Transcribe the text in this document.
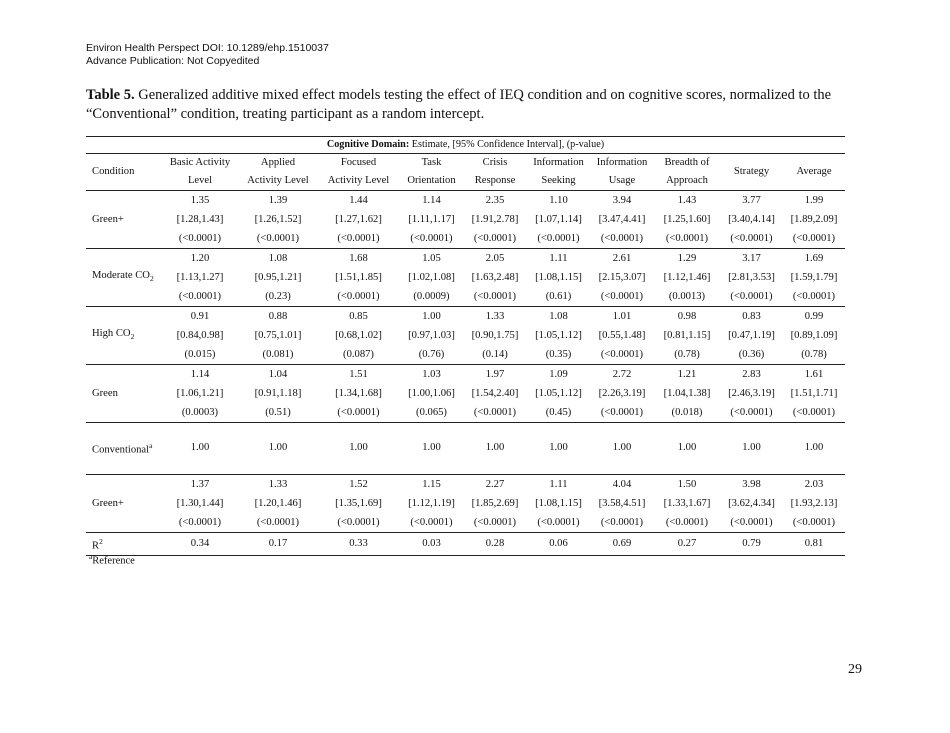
Environ Health Perspect DOI: 10.1289/ehp.1510037
Advance Publication: Not Copyedited
Table 5. Generalized additive mixed effect models testing the effect of IEQ condition and on cognitive scores, normalized to the “Conventional” condition, treating participant as a random intercept.
Cognitive Domain: Estimate, [95% Confidence Interval], (p-value)										
Condition	Basic Activity	Applied	Focused	Task	Crisis	Information	Information	Breadth of	Strategy	Average
	Level	Activity Level	Activity Level	Orientation	Response	Seeking	Usage	Approach		
Green+	1.35	1.39	1.44	1.14	2.35	1.10	3.94	1.43	3.77	1.99
	[1.28,1.43]	[1.26,1.52]	[1.27,1.62]	[1.11,1.17]	[1.91,2.78]	[1.07,1.14]	[3.47,4.41]	[1.25,1.60]	[3.40,4.14]	[1.89,2.09]
	(<0.0001)	(<0.0001)	(<0.0001)	(<0.0001)	(<0.0001)	(<0.0001)	(<0.0001)	(<0.0001)	(<0.0001)	(<0.0001)
Moderate $CO_2$	1.20	1.08	1.68	1.05	2.05	1.11	2.61	1.29	3.17	1.69
	[1.13,1.27]	[0.95,1.21]	[1.51,1.85]	[1.02,1.08]	[1.63,2.48]	[1.08,1.15]	[2.15,3.07]	[1.12,1.46]	[2.81,3.53]	[1.59,1.79]
	(<0.0001)	(0.23)	(<0.0001)	(0.0009)	(<0.0001)	(0.61)	(<0.0001)	(0.0013)	(<0.0001)	(<0.0001)
High $CO_2$	0.91	0.88	0.85	1.00	1.33	1.08	1.01	0.98	0.83	0.99
	[0.84,0.98]	[0.75,1.01]	[0.68,1.02]	[0.97,1.03]	[0.90,1.75]	[1.05,1.12]	[0.55,1.48]	[0.81,1.15]	[0.47,1.19]	[0.89,1.09]
	(0.015)	(0.081)	(0.087)	(0.76)	(0.14)	(0.35)	(<0.0001)	(0.78)	(0.36)	(0.78)
Green	1.14	1.04	1.51	1.03	1.97	1.09	2.72	1.21	2.83	1.61
	[1.06,1.21]	[0.91,1.18]	[1.34,1.68]	[1.00,1.06]	[1.54,2.40]	[1.05,1.12]	[2.26,3.19]	[1.04,1.38]	[2.46,3.19]	[1.51,1.71]
	(0.0003)	(0.51)	(<0.0001)	(0.065)	(<0.0001)	(0.45)	(<0.0001)	(0.018)	(<0.0001)	(<0.0001)
Conventional$^a$	1.00	1.00	1.00	1.00	1.00	1.00	1.00	1.00	1.00	1.00
Green+	1.37	1.33	1.52	1.15	2.27	1.11	4.04	1.50	3.98	2.03
	[1.30,1.44]	[1.20,1.46]	[1.35,1.69]	[1.12,1.19]	[1.85,2.69]	[1.08,1.15]	[3.58,4.51]	[1.33,1.67]	[3.62,4.34]	[1.93,2.13]
	(<0.0001)	(<0.0001)	(<0.0001)	(<0.0001)	(<0.0001)	(<0.0001)	(<0.0001)	(<0.0001)	(<0.0001)	(<0.0001)
$R^2$	0.34	0.17	0.33	0.03	0.28	0.06	0.69	0.27	0.79	0.81
$^a$Reference
29
